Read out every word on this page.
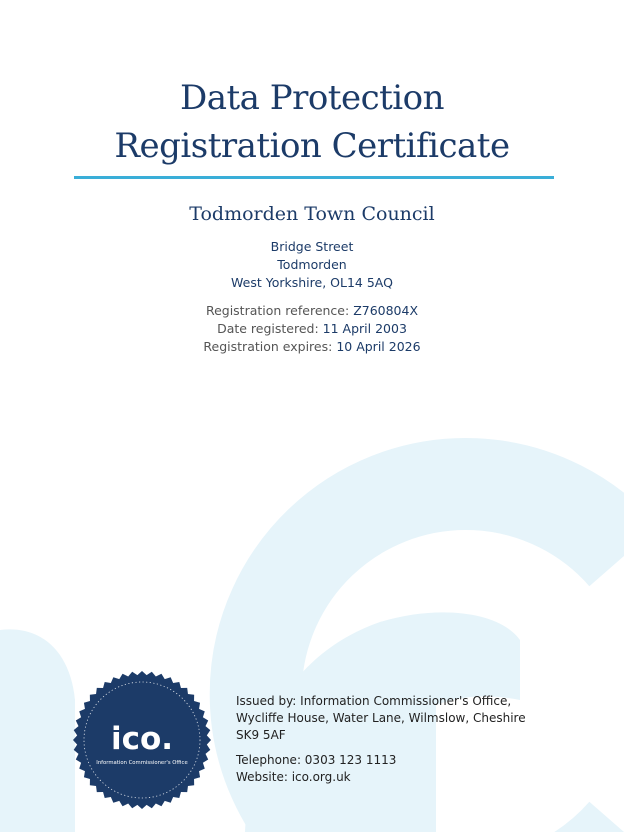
Data Protection
Registration Certificate
Todmorden Town Council
Bridge Street
Todmorden
West Yorkshire, OL14 5AQ
Registration reference: Z760804X
Date registered: 11 April 2003
Registration expires: 10 April 2026
ico.
Information Commissioner's Office
Issued by: Information Commissioner's Office,
Wycliffe House, Water Lane, Wilmslow, Cheshire
SK9 5AF
Telephone: 0303 123 1113
Website: ico.org.uk
